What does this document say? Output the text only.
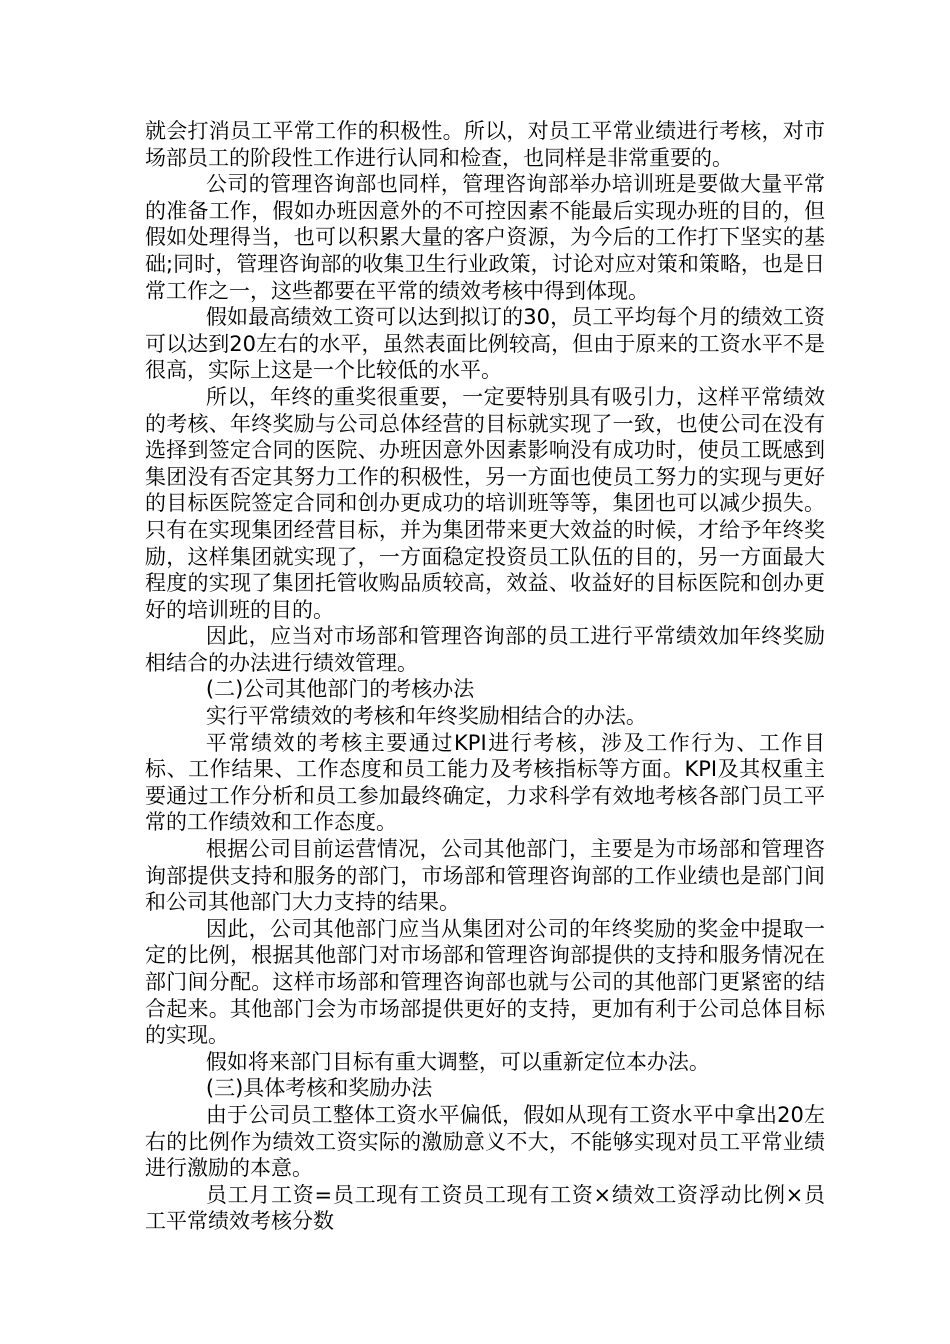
就会打消员工平常工作的积极性。所以，对员工平常业绩进行考核，对市场部员工的阶段性工作进行认同和检查，也同样是非常重要的。

公司的管理咨询部也同样，管理咨询部举办培训班是要做大量平常的准备工作，假如办班因意外的不可控因素不能最后实现办班的目的，但假如处理得当，也可以积累大量的客户资源，为今后的工作打下坚实的基础;同时，管理咨询部的收集卫生行业政策，讨论对应对策和策略，也是日常工作之一，这些都要在平常的绩效考核中得到体现。

假如最高绩效工资可以达到拟订的30，员工平均每个月的绩效工资可以达到20左右的水平，虽然表面比例较高，但由于原来的工资水平不是很高，实际上这是一个比较低的水平。

所以，年终的重奖很重要，一定要特别具有吸引力，这样平常绩效的考核、年终奖励与公司总体经营的目标就实现了一致，也使公司在没有选择到签定合同的医院、办班因意外因素影响没有成功时，使员工既感到集团没有否定其努力工作的积极性，另一方面也使员工努力的实现与更好的目标医院签定合同和创办更成功的培训班等等，集团也可以减少损失。只有在实现集团经营目标，并为集团带来更大效益的时候，才给予年终奖励，这样集团就实现了，一方面稳定投资员工队伍的目的，另一方面最大程度的实现了集团托管收购品质较高，效益、收益好的目标医院和创办更好的培训班的目的。

因此，应当对市场部和管理咨询部的员工进行平常绩效加年终奖励相结合的办法进行绩效管理。

(二)公司其他部门的考核办法

实行平常绩效的考核和年终奖励相结合的办法。

平常绩效的考核主要通过KPI进行考核，涉及工作行为、工作目标、工作结果、工作态度和员工能力及考核指标等方面。KPI及其权重主要通过工作分析和员工参加最终确定，力求科学有效地考核各部门员工平常的工作绩效和工作态度。

根据公司目前运营情况，公司其他部门，主要是为市场部和管理咨询部提供支持和服务的部门，市场部和管理咨询部的工作业绩也是部门间和公司其他部门大力支持的结果。

因此，公司其他部门应当从集团对公司的年终奖励的奖金中提取一定的比例，根据其他部门对市场部和管理咨询部提供的支持和服务情况在部门间分配。这样市场部和管理咨询部也就与公司的其他部门更紧密的结合起来。其他部门会为市场部提供更好的支持，更加有利于公司总体目标的实现。

假如将来部门目标有重大调整，可以重新定位本办法。

(三)具体考核和奖励办法

由于公司员工整体工资水平偏低，假如从现有工资水平中拿出20左右的比例作为绩效工资实际的激励意义不大，不能够实现对员工平常业绩进行激励的本意。

员工月工资=员工现有工资员工现有工资×绩效工资浮动比例×员工平常绩效考核分数
